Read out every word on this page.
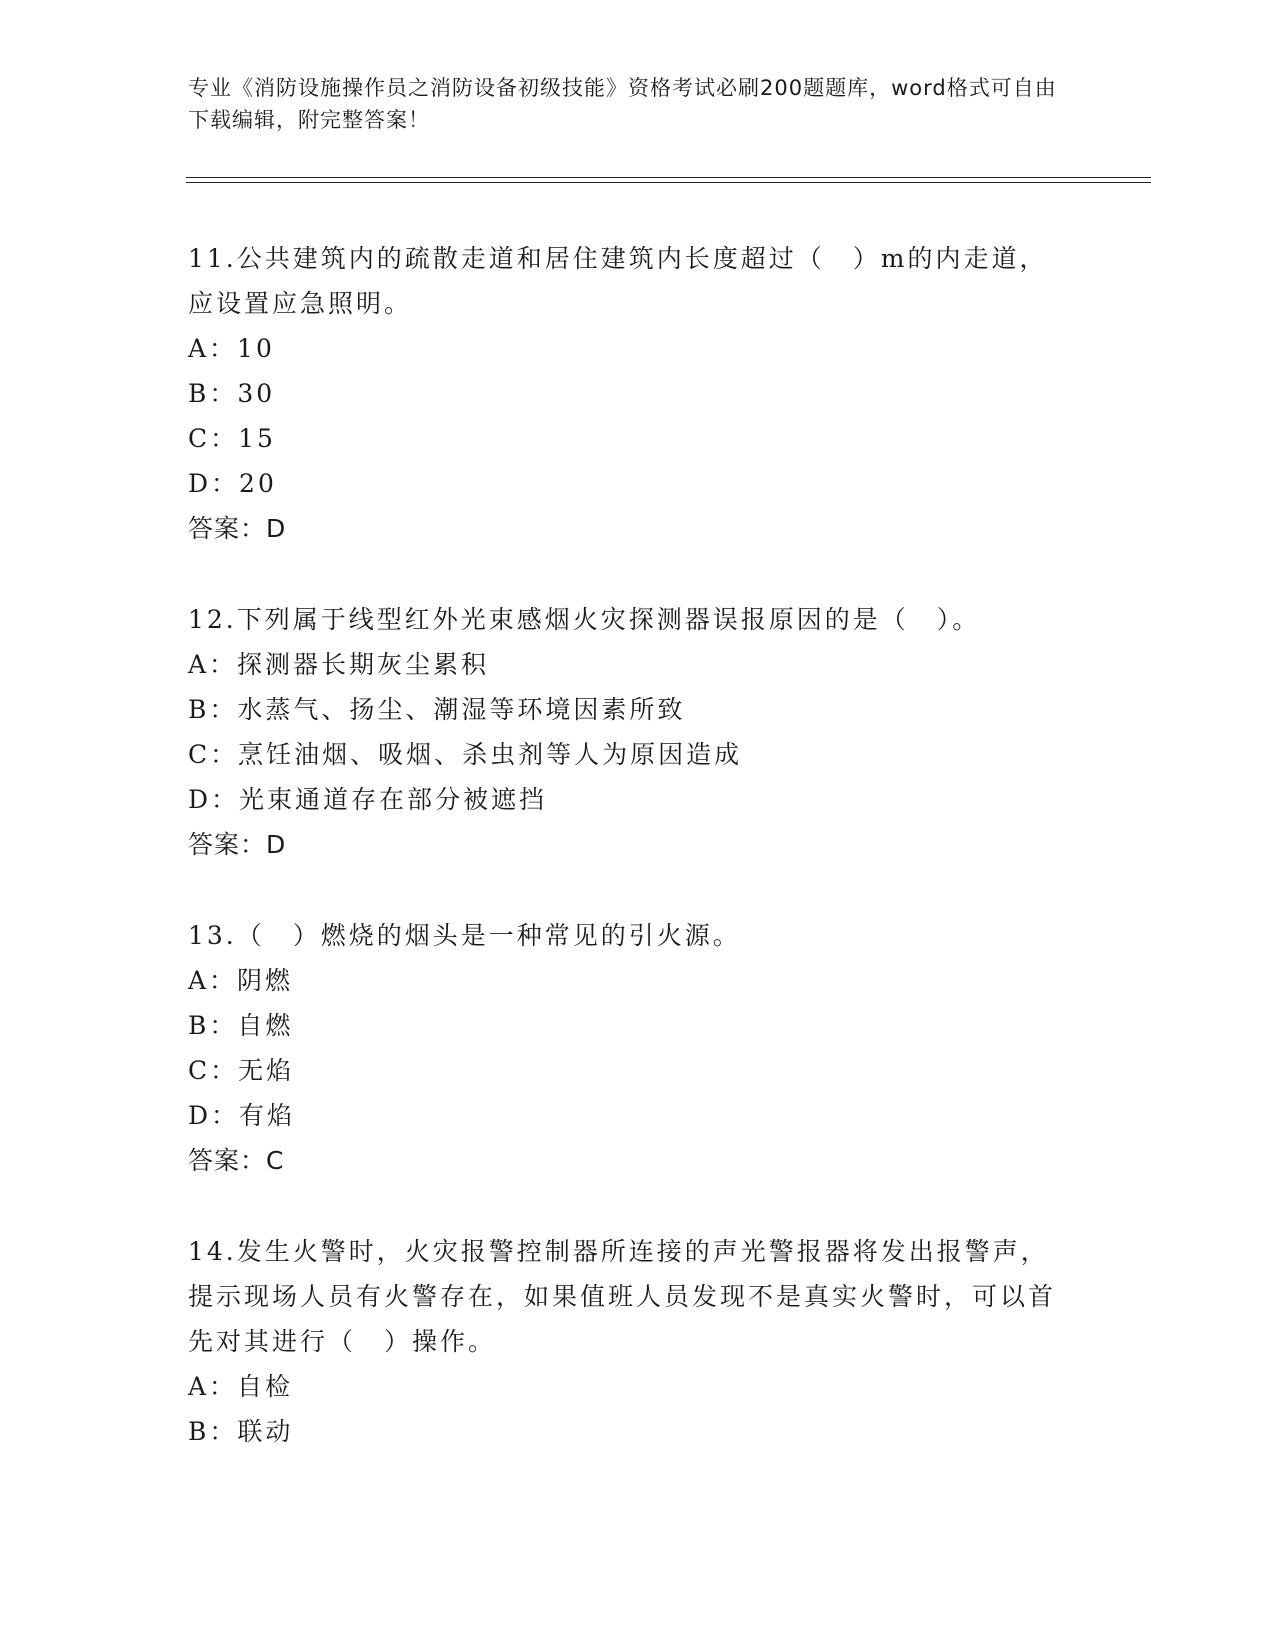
专业《消防设施操作员之消防设备初级技能》资格考试必刷200题题库，word格式可自由下载编辑，附完整答案！
11.公共建筑内的疏散走道和居住建筑内长度超过（　）m的内走道，应设置应急照明。
A：10
B：30
C：15
D：20
答案：D
12.下列属于线型红外光束感烟火灾探测器误报原因的是（　）。
A：探测器长期灰尘累积
B：水蒸气、扬尘、潮湿等环境因素所致
C：烹饪油烟、吸烟、杀虫剂等人为原因造成
D：光束通道存在部分被遮挡
答案：D
13.（　）燃烧的烟头是一种常见的引火源。
A：阴燃
B：自燃
C：无焰
D：有焰
答案：C
14.发生火警时，火灾报警控制器所连接的声光警报器将发出报警声，提示现场人员有火警存在，如果值班人员发现不是真实火警时，可以首先对其进行（　）操作。
A：自检
B：联动
